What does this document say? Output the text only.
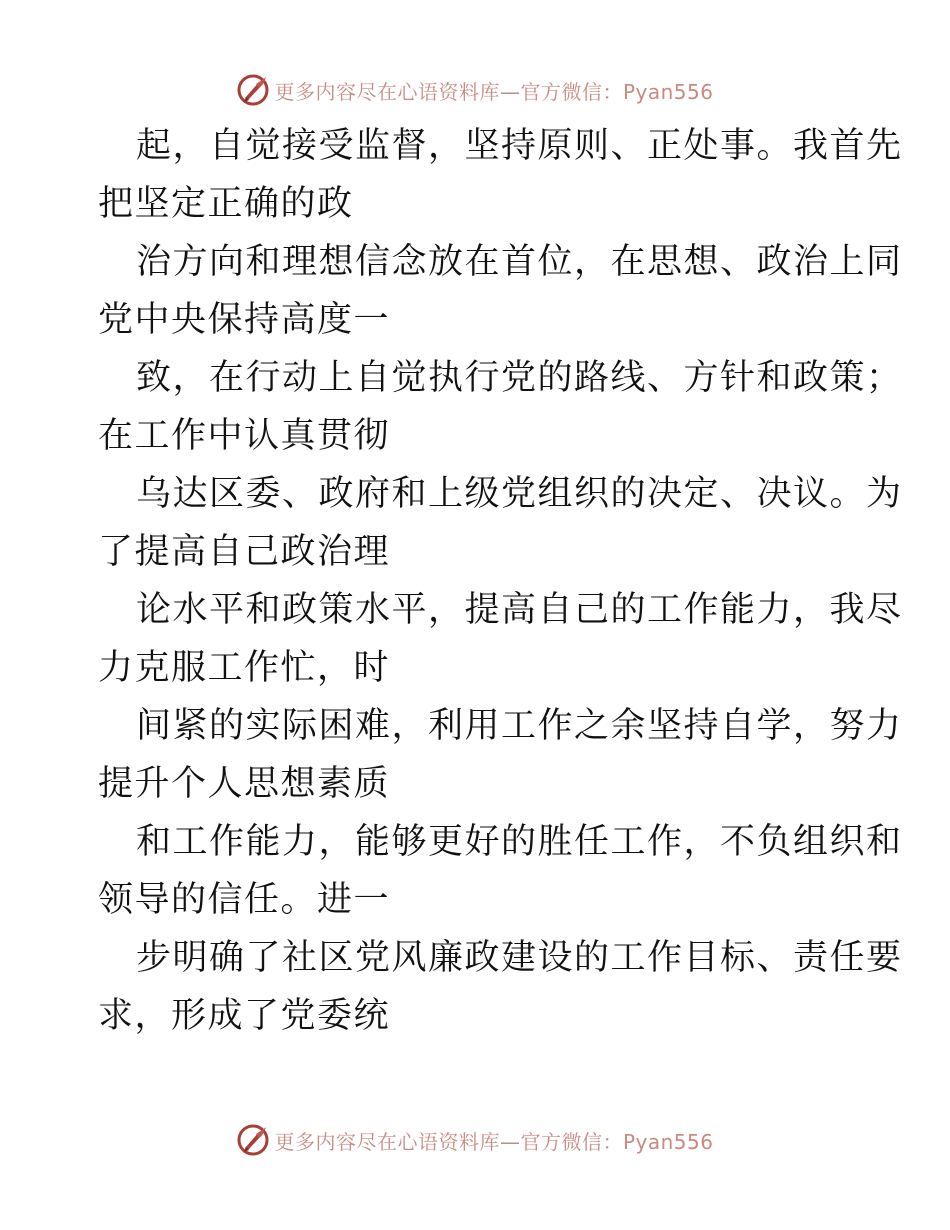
更多内容尽在心语资料库—官方微信：Pyan556
起，自觉接受监督，坚持原则、正处事。我首先
把坚定正确的政
治方向和理想信念放在首位，在思想、政治上同
党中央保持高度一
致，在行动上自觉执行党的路线、方针和政策；
在工作中认真贯彻
乌达区委、政府和上级党组织的决定、决议。为
了提高自己政治理
论水平和政策水平，提高自己的工作能力，我尽
力克服工作忙，时
间紧的实际困难，利用工作之余坚持自学，努力
提升个人思想素质
和工作能力，能够更好的胜任工作，不负组织和
领导的信任。进一
步明确了社区党风廉政建设的工作目标、责任要
求，形成了党委统
更多内容尽在心语资料库—官方微信：Pyan556
